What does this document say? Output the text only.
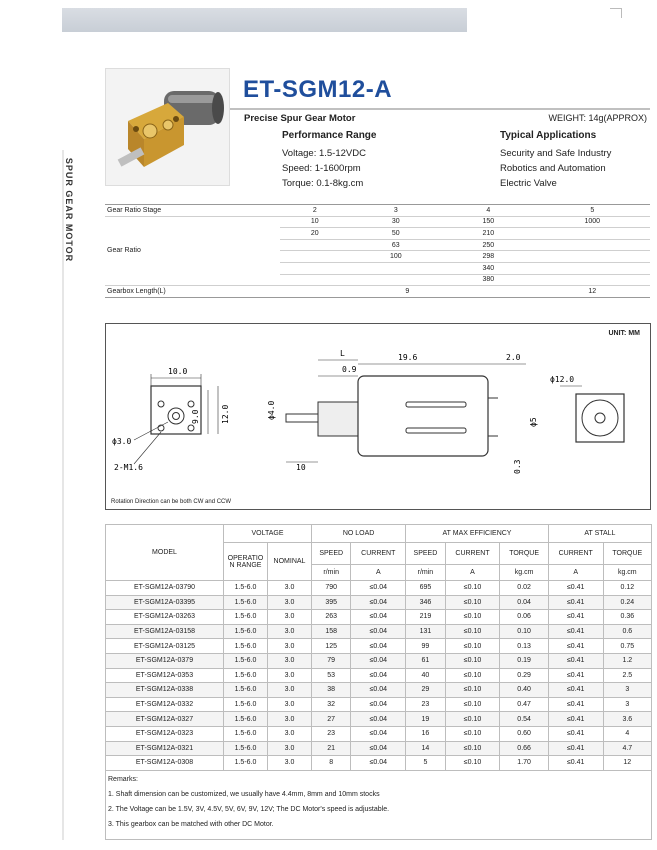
SPUR GEAR MOTOR
ET-SGM12-A
Precise Spur Gear Motor	WEIGHT: 14g(APPROX)
Performance Range
Voltage: 1.5-12VDC
Speed: 1-1600rpm
Torque: 0.1-8kg.cm
Typical Applications
Security and Safe Industry
Robotics and Automation
Electric Valve
Gear Ratio Stage	2	3	4	5
Gear Ratio	10	30	150	1000
	20	50	210	
		63	250	
		100	298	
			340	
			380	
Gearbox Length(L)	9			12
10.0
9.0	12.0
ϕ3.0
2-M1.6
L
0.9
19.6	2.0
ϕ4.0
10
ϕ5
0.3
ϕ12.0
UNIT: MM
Rotation Direction can be both CW and CCW
MODEL	VOLTAGE		NO LOAD		AT MAX EFFICIENCY			AT STALL	
	OPERATIO N RANGE	NOMINAL	SPEED	CURRENT	SPEED	CURRENT	TORQUE	CURRENT	TORQUE
			r/min	A	r/min	A	kg.cm	A	kg.cm
ET-SGM12A-03790	1.5-6.0	3.0	790	≤0.04	695	≤0.10	0.02	≤0.41	0.12
ET-SGM12A-03395	1.5-6.0	3.0	395	≤0.04	346	≤0.10	0.04	≤0.41	0.24
ET-SGM12A-03263	1.5-6.0	3.0	263	≤0.04	219	≤0.10	0.06	≤0.41	0.36
ET-SGM12A-03158	1.5-6.0	3.0	158	≤0.04	131	≤0.10	0.10	≤0.41	0.6
ET-SGM12A-03125	1.5-6.0	3.0	125	≤0.04	99	≤0.10	0.13	≤0.41	0.75
ET-SGM12A-0379	1.5-6.0	3.0	79	≤0.04	61	≤0.10	0.19	≤0.41	1.2
ET-SGM12A-0353	1.5-6.0	3.0	53	≤0.04	40	≤0.10	0.29	≤0.41	2.5
ET-SGM12A-0338	1.5-6.0	3.0	38	≤0.04	29	≤0.10	0.40	≤0.41	3
ET-SGM12A-0332	1.5-6.0	3.0	32	≤0.04	23	≤0.10	0.47	≤0.41	3
ET-SGM12A-0327	1.5-6.0	3.0	27	≤0.04	19	≤0.10	0.54	≤0.41	3.6
ET-SGM12A-0323	1.5-6.0	3.0	23	≤0.04	16	≤0.10	0.60	≤0.41	4
ET-SGM12A-0321	1.5-6.0	3.0	21	≤0.04	14	≤0.10	0.66	≤0.41	4.7
ET-SGM12A-0308	1.5-6.0	3.0	8	≤0.04	5	≤0.10	1.70	≤0.41	12
Remarks:
1. Shaft dimension can be customized, we usually have 4.4mm, 8mm and 10mm stocks
2. The Voltage can be 1.5V, 3V, 4.5V, 5V, 6V, 9V, 12V; The DC Motor's speed is adjustable.
3. This gearbox can be matched with other DC Motor.
